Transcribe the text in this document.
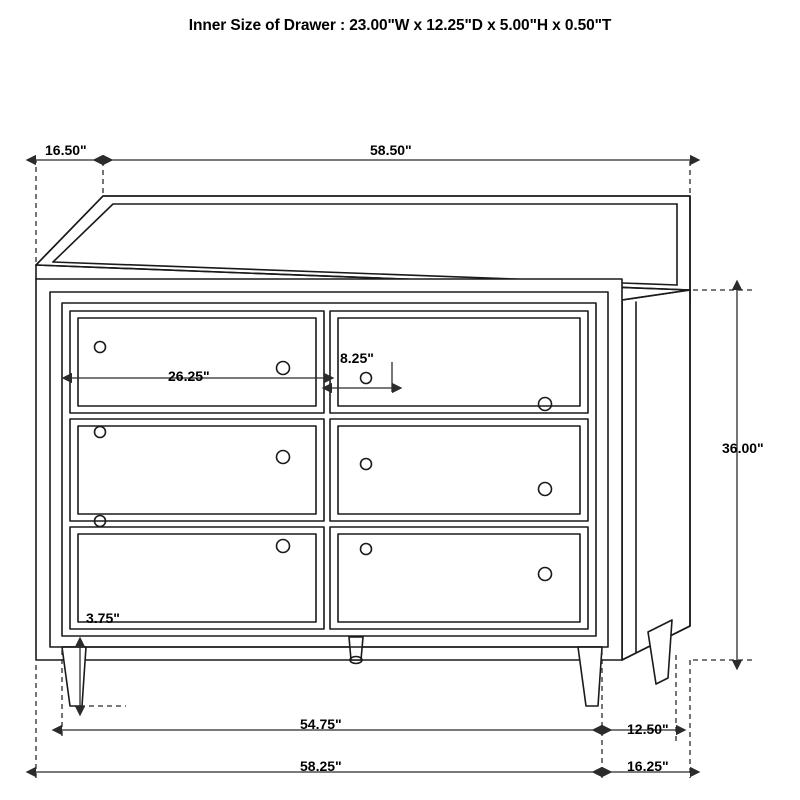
Inner Size of Drawer : 23.00"W x 12.25"D x 5.00"H x 0.50"T
16.50"	58.50"
36.00"
26.25"
8.25"
3.75"
54.75"	12.50"
58.25"	16.25"
